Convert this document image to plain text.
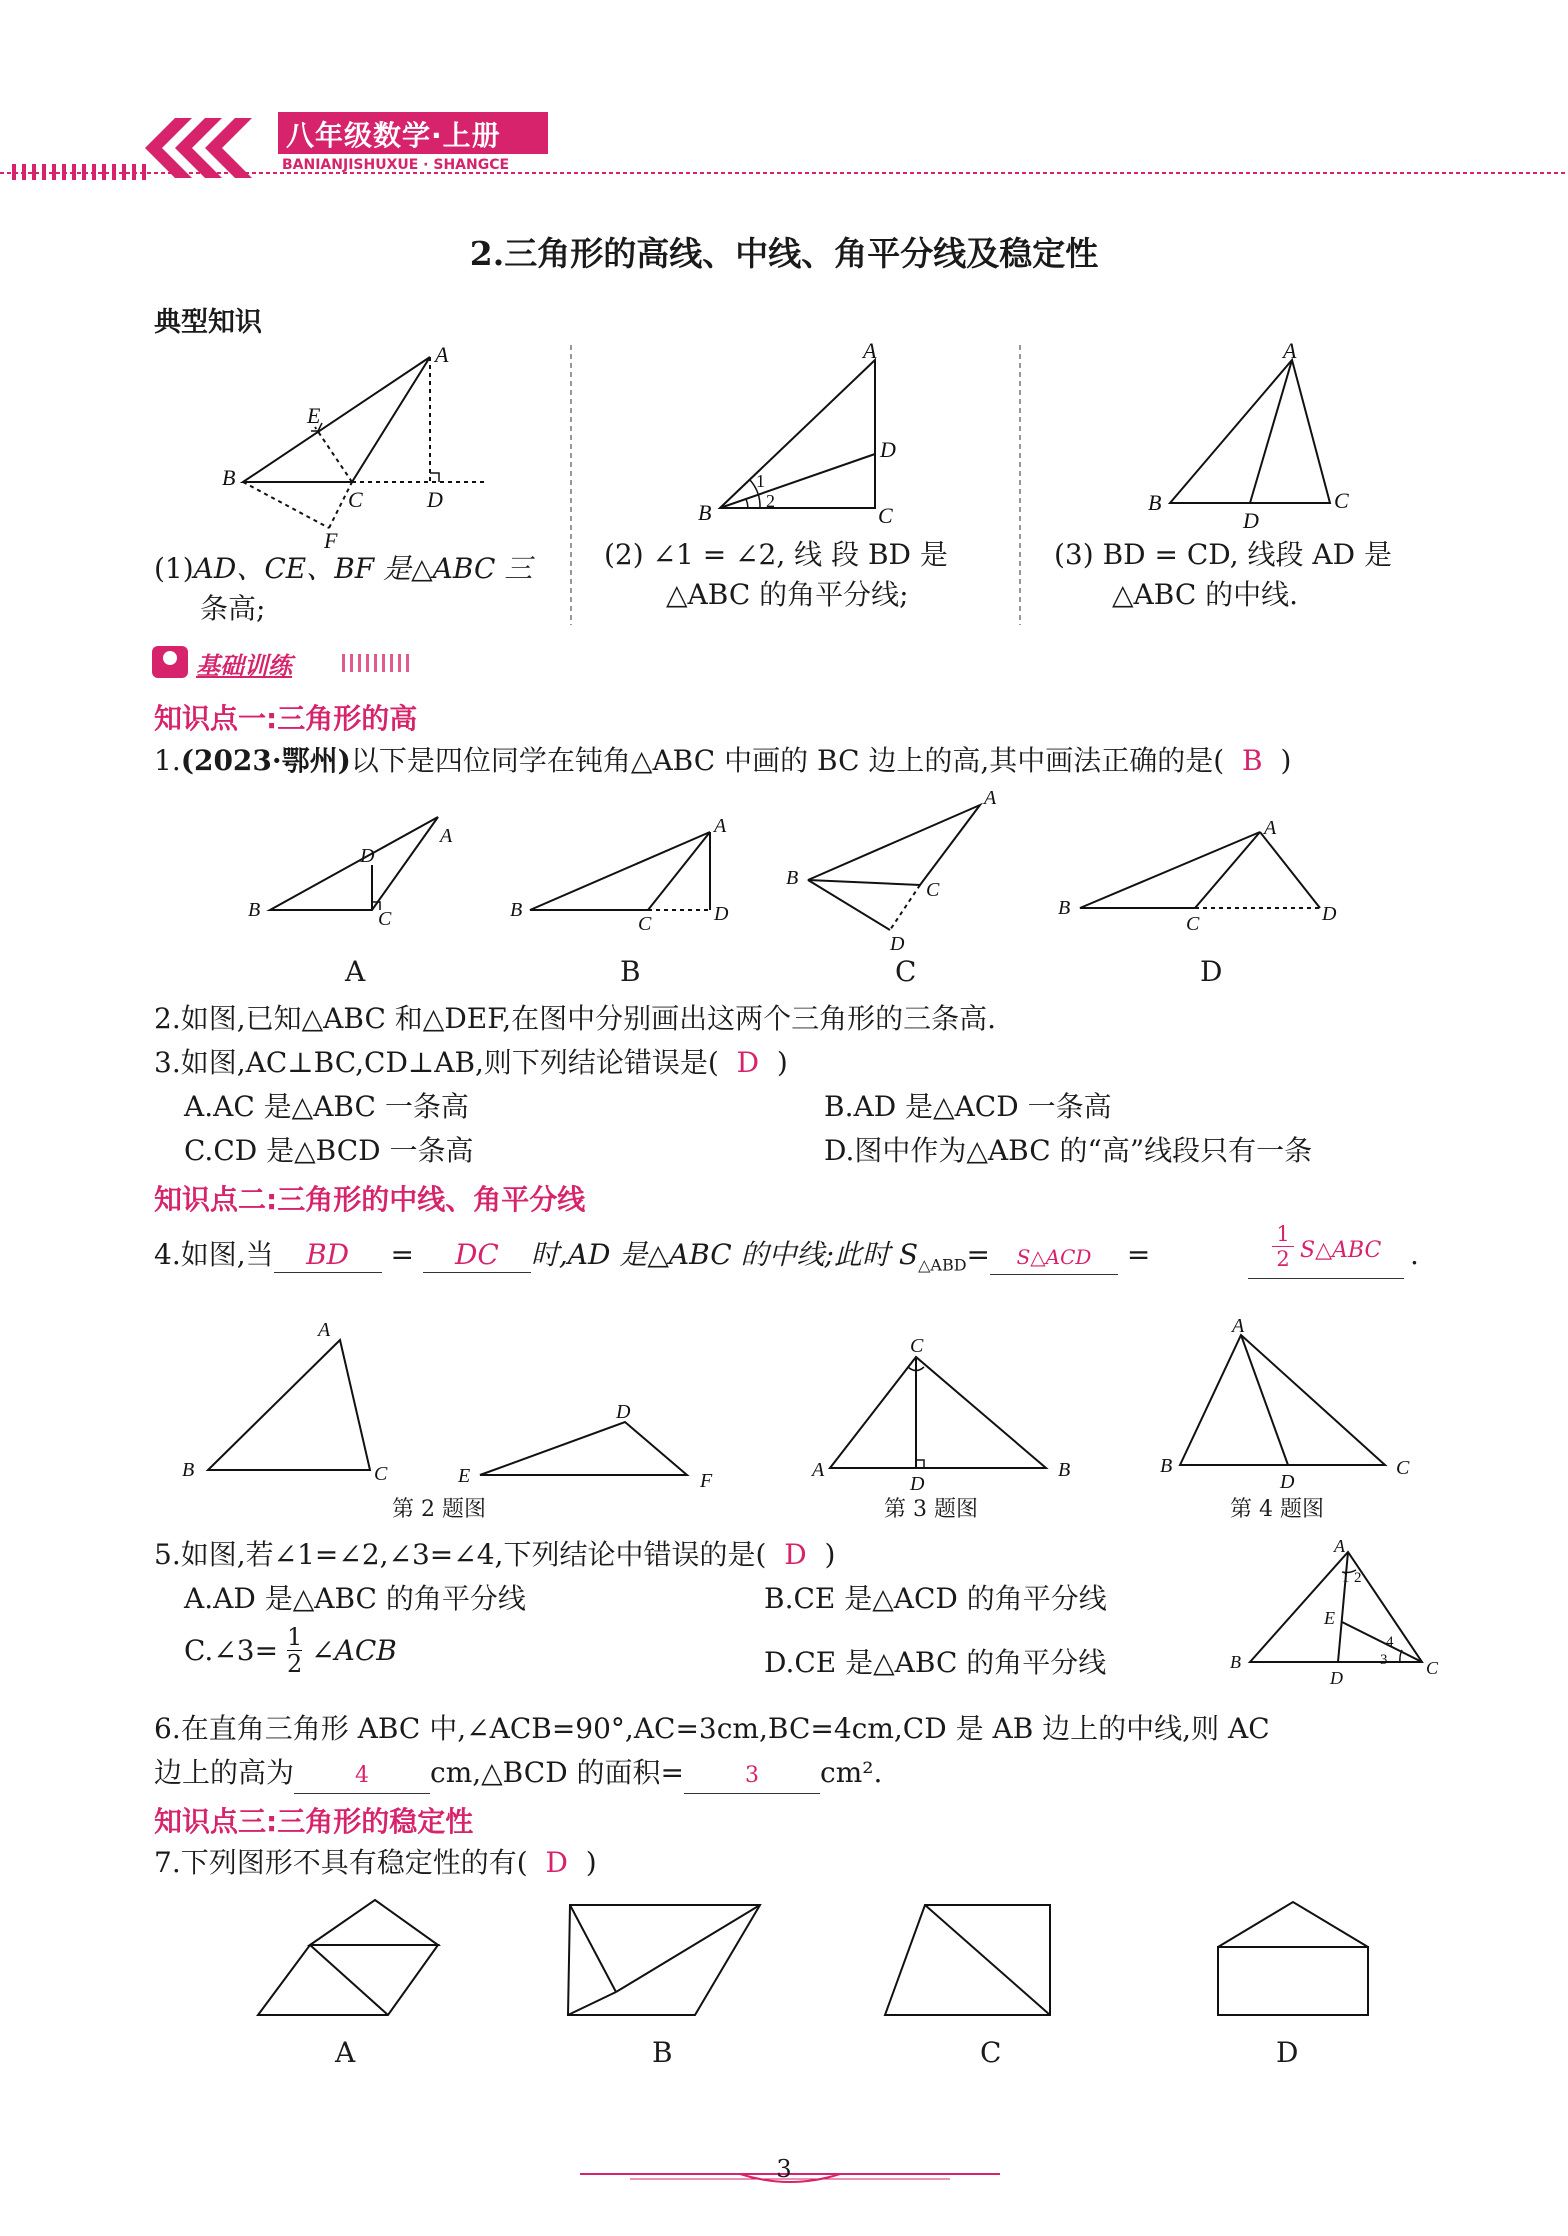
八年级数学·上册
BANIANJISHUXUE · SHANGCE
2.三角形的高线、中线、角平分线及稳定性
典型知识
A
B
C	D
E
F
A
B	C
D
1
2
A
B	C
D
(1)AD、CE、BF 是△ABC 三
条高;
(2) ∠1 = ∠2, 线 段 BD 是
△ABC 的角平分线;
(3) BD = CD, 线段 AD 是
△ABC 的中线.
基础训练
知识点一:三角形的高
1.(2023·鄂州)以下是四位同学在钝角△ABC 中画的 BC 边上的高,其中画法正确的是( B )
B
A
C
D
B
A
C	D
B
A
C
D
B
A
C	D
A	B	C	D
2.如图,已知△ABC 和△DEF,在图中分别画出这两个三角形的三条高.
3.如图,AC⊥BC,CD⊥AB,则下列结论错误是( D )
A.AC 是△ABC 一条高	B.AD 是△ACD 一条高
C.CD 是△BCD 一条高	D.图中作为△ABC 的“高”线段只有一条
知识点二:三角形的中线、角平分线
4.如图,当 BD = DC 时,AD 是△ABC 的中线;此时 $S_{\triangle ABD}=$ S△ACD =	$\frac{1}{2}$ S△ABC .
B
A
C	E
D
F	A
C
D
B	B
A
C
D
第 2 题图	第 3 题图	第 4 题图
5.如图,若∠1=∠2,∠3=∠4,下列结论中错误的是( D )
A.AD 是△ABC 的角平分线	B.CE 是△ACD 的角平分线
C.∠3= $\frac{1}{2}$ ∠ACB	D.CE 是△ABC 的角平分线
A
B	C
D
E
1 2
3
4
6.在直角三角形 ABC 中,∠ACB=90°,AC=3cm,BC=4cm,CD 是 AB 边上的中线,则 AC
边上的高为	4 cm,△BCD 的面积=	3 cm².
知识点三:三角形的稳定性
7.下列图形不具有稳定性的有( D )
A	B	C	D
3
